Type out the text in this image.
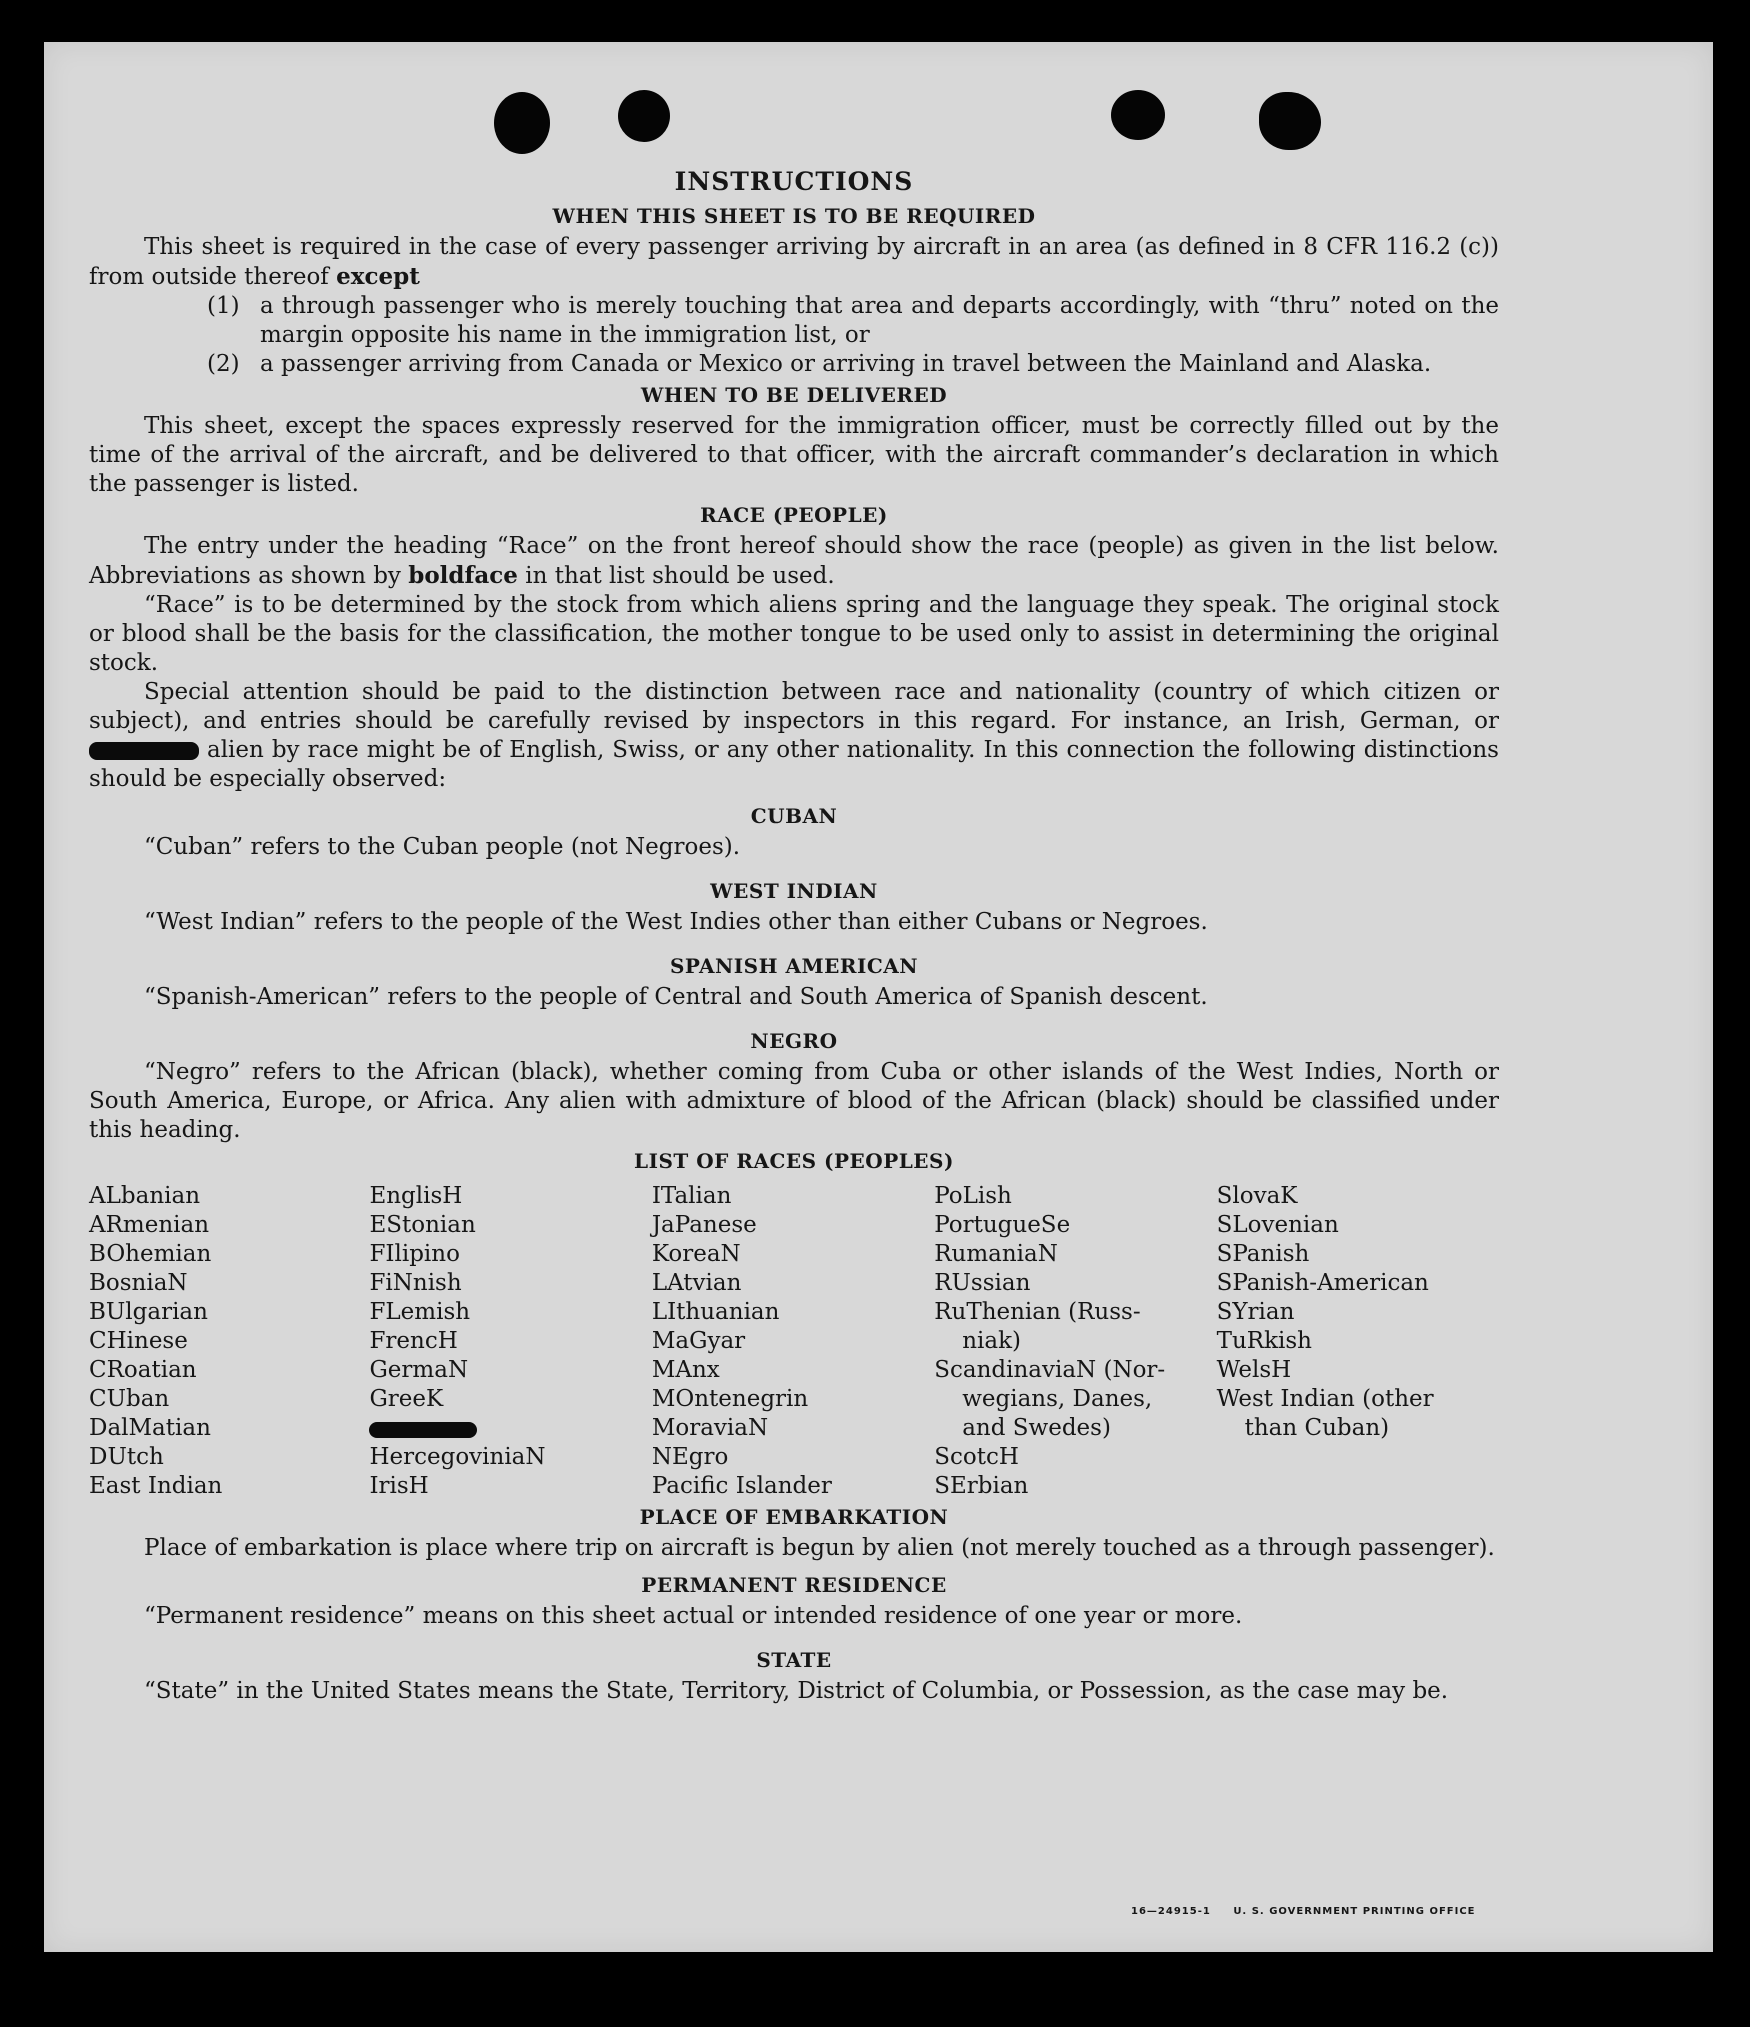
INSTRUCTIONS
WHEN THIS SHEET IS TO BE REQUIRED

This sheet is required in the case of every passenger arriving by aircraft in an area (as defined in 8 CFR 116.2 (c)) from outside thereof except

(1) a through passenger who is merely touching that area and departs accordingly, with “thru” noted on the margin opposite his name in the immigration list, or
(2) a passenger arriving from Canada or Mexico or arriving in travel between the Mainland and Alaska.
WHEN TO BE DELIVERED

This sheet, except the spaces expressly reserved for the immigration officer, must be correctly filled out by the time of the arrival of the aircraft, and be delivered to that officer, with the aircraft commander’s declaration in which the passenger is listed.

RACE (PEOPLE)

The entry under the heading “Race” on the front hereof should show the race (people) as given in the list below. Abbreviations as shown by boldface in that list should be used.

“Race” is to be determined by the stock from which aliens spring and the language they speak. The original stock or blood shall be the basis for the classification, the mother tongue to be used only to assist in determining the original stock.

Special attention should be paid to the distinction between race and nationality (country of which citizen or subject), and entries should be carefully revised by inspectors in this regard. For instance, an Irish, German, or  alien by race might be of English, Swiss, or any other nationality. In this connection the following distinctions should be especially observed:

CUBAN

“Cuban” refers to the Cuban people (not Negroes).

WEST INDIAN

“West Indian” refers to the people of the West Indies other than either Cubans or Negroes.

SPANISH AMERICAN

“Spanish-American” refers to the people of Central and South America of Spanish descent.

NEGRO

“Negro” refers to the African (black), whether coming from Cuba or other islands of the West Indies, North or South America, Europe, or Africa. Any alien with admixture of blood of the African (black) should be classified under this heading.

LIST OF RACES (PEOPLES)
ALbanian
ARmenian
BOhemian
BosniaN
BUlgarian
CHinese
CRoatian
CUban
DalMatian
DUtch
East Indian
EnglisH
EStonian
FIlipino
FiNnish
FLemish
FrencH
GermaN
GreeK
HercegoviniaN
IrisH
ITalian
JaPanese
KoreaN
LAtvian
LIthuanian
MaGyar
MAnx
MOntenegrin
MoraviaN
NEgro
Pacific Islander
PoLish
PortugueSe
RumaniaN
RUssian
RuThenian (Russ-
niak)
ScandinaviaN (Nor-
wegians, Danes,
and Swedes)
ScotcH
SErbian
SlovaK
SLovenian
SPanish
SPanish-American
SYrian
TuRkish
WelsH
West Indian (other
than Cuban)
PLACE OF EMBARKATION

Place of embarkation is place where trip on aircraft is begun by alien (not merely touched as a through passenger).

PERMANENT RESIDENCE

“Permanent residence” means on this sheet actual or intended residence of one year or more.

STATE

“State” in the United States means the State, Territory, District of Columbia, or Possession, as the case may be.

16—24915-1 U. S. GOVERNMENT PRINTING OFFICE
